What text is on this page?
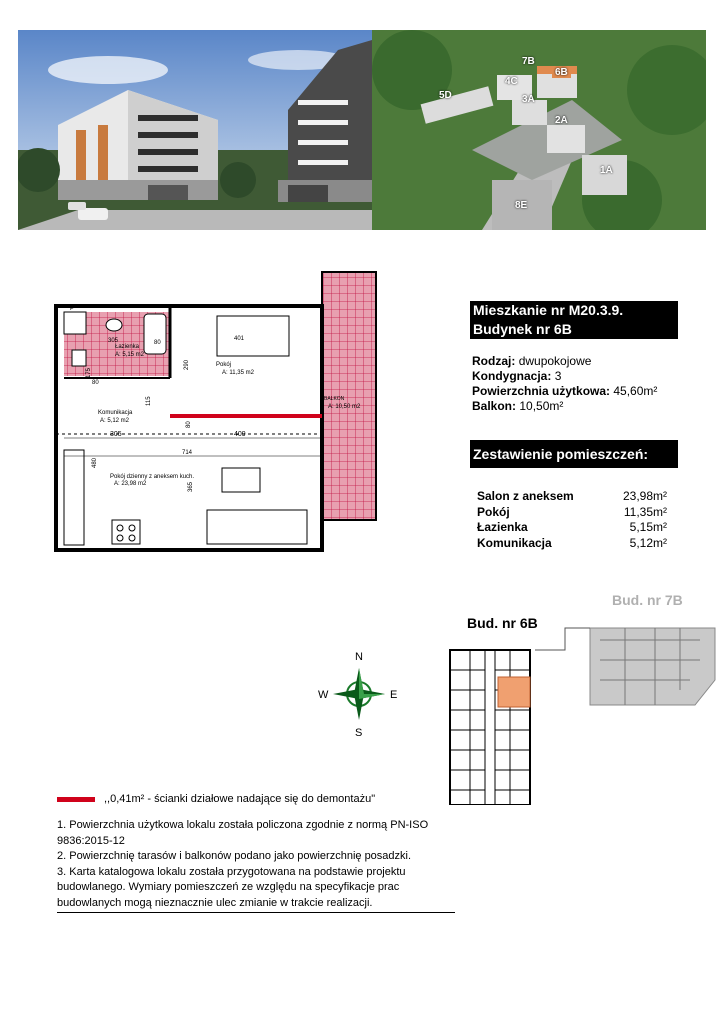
7B
6B
4C
5D	3A
2A
1A
8E
P
305	401
80
290
175
80
115
80
305	409
714
480
365
Łazienka
A: 5,15 m2
Pokój
A: 11,35 m2
Komunikacja
A: 5,12 m2
Pokój dzienny z aneksem kuch.
A: 23,98 m2
BALKON
A: 10,50 m2
Mieszkanie nr M20.3.9.
Budynek nr 6B
Rodzaj: dwupokojowe
Kondygnacja: 3
Powierzchnia użytkowa: 45,60m²
Balkon: 10,50m²
Zestawienie pomieszczeń:
Salon z aneksem	23,98m²
Pokój	11,35m²
Łazienka	5,15m²
Komunikacja	5,12m²
Bud. nr 6B
Bud. nr 7B
N
S
E
W
,,0,41m² - ścianki działowe nadające się do demontażu"
1. Powierzchnia użytkowa lokalu została policzona zgodnie z normą PN-ISO 9836:2015-12
2. Powierzchnię tarasów i balkonów podano jako powierzchnię posadzki.
3. Karta katalogowa lokalu została przygotowana na podstawie projektu budowlanego. Wymiary pomieszczeń ze względu na specyfikacje prac budowlanych mogą nieznacznie ulec zmianie w trakcie realizacji.
